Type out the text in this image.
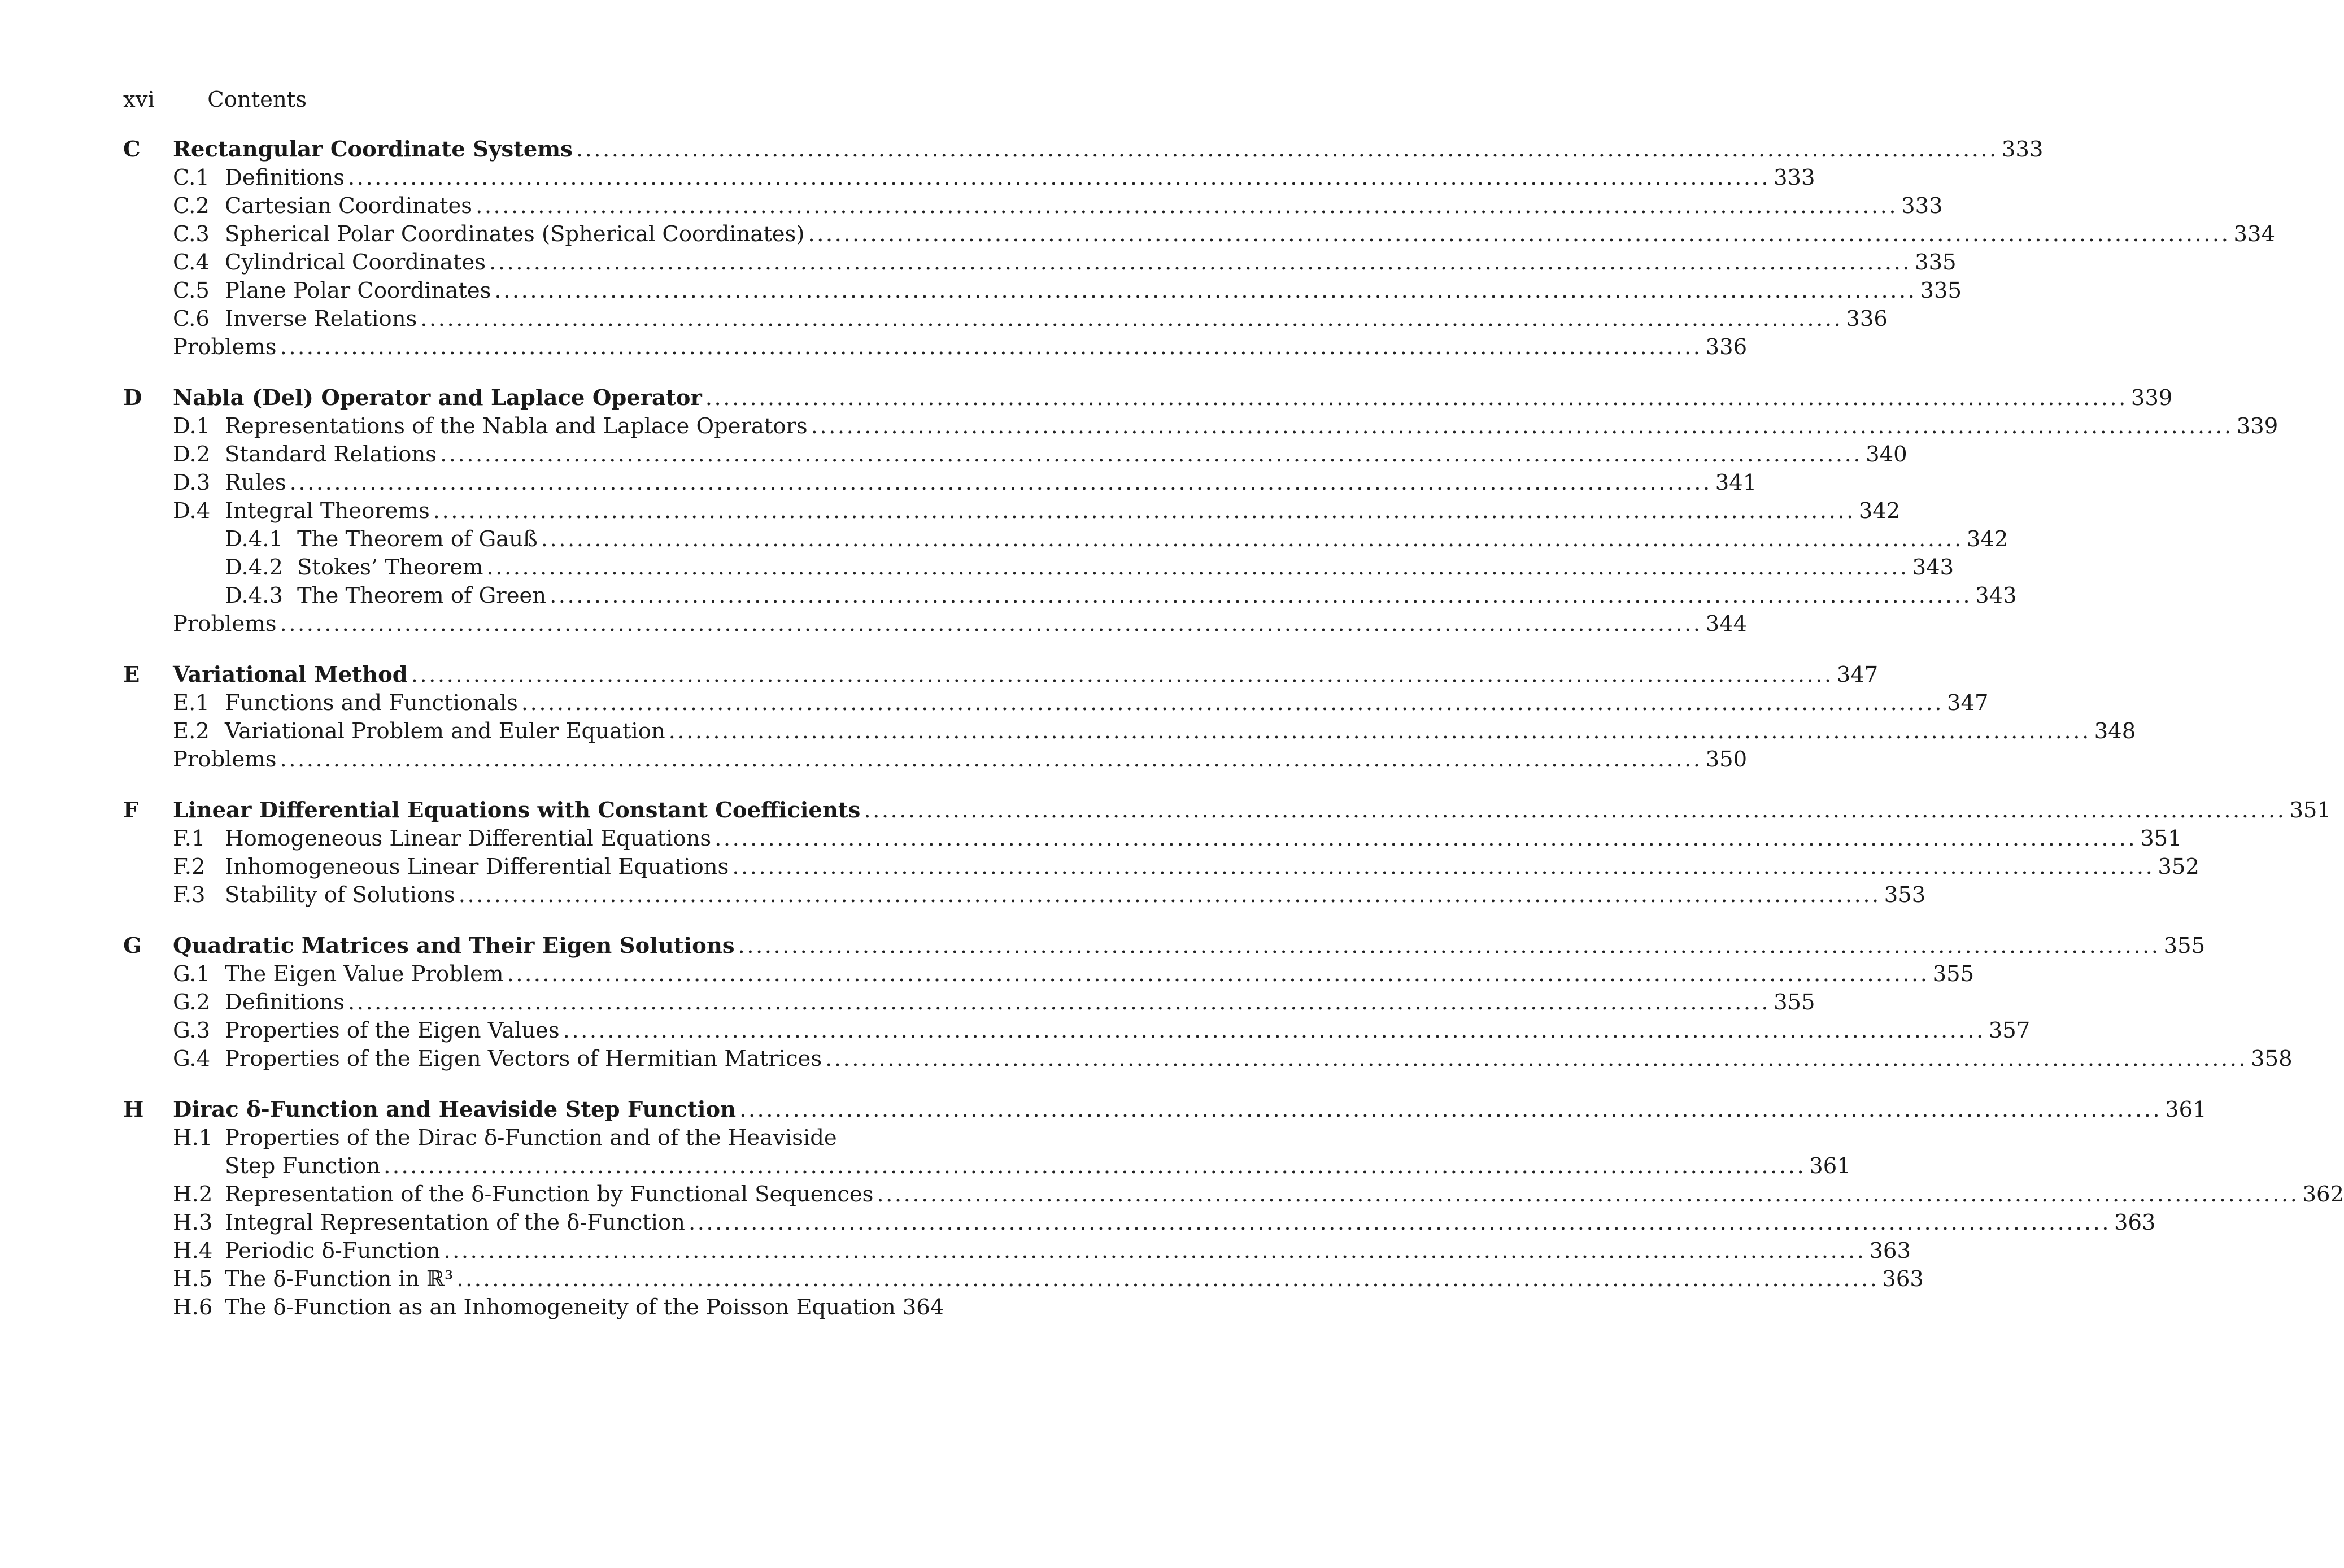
xvi Contents
C Rectangular Coordinate Systems ................................................................................................................................................................ 333
C.1 Definitions ................................................................................................................................................................ 333
C.2 Cartesian Coordinates ................................................................................................................................................................ 333
C.3 Spherical Polar Coordinates (Spherical Coordinates) ................................................................................................................................................................ 334
C.4 Cylindrical Coordinates ................................................................................................................................................................ 335
C.5 Plane Polar Coordinates ................................................................................................................................................................ 335
C.6 Inverse Relations ................................................................................................................................................................ 336
Problems ................................................................................................................................................................ 336
D Nabla (Del) Operator and Laplace Operator ................................................................................................................................................................ 339
D.1 Representations of the Nabla and Laplace Operators ................................................................................................................................................................ 339
D.2 Standard Relations ................................................................................................................................................................ 340
D.3 Rules ................................................................................................................................................................ 341
D.4 Integral Theorems ................................................................................................................................................................ 342
D.4.1 The Theorem of Gauß ................................................................................................................................................................ 342
D.4.2 Stokes’ Theorem ................................................................................................................................................................ 343
D.4.3 The Theorem of Green ................................................................................................................................................................ 343
Problems ................................................................................................................................................................ 344
E Variational Method ................................................................................................................................................................ 347
E.1 Functions and Functionals ................................................................................................................................................................ 347
E.2 Variational Problem and Euler Equation ................................................................................................................................................................ 348
Problems ................................................................................................................................................................ 350
F Linear Differential Equations with Constant Coefficients ................................................................................................................................................................ 351
F.1 Homogeneous Linear Differential Equations ................................................................................................................................................................ 351
F.2 Inhomogeneous Linear Differential Equations ................................................................................................................................................................ 352
F.3 Stability of Solutions ................................................................................................................................................................ 353
G Quadratic Matrices and Their Eigen Solutions ................................................................................................................................................................ 355
G.1 The Eigen Value Problem ................................................................................................................................................................ 355
G.2 Definitions ................................................................................................................................................................ 355
G.3 Properties of the Eigen Values ................................................................................................................................................................ 357
G.4 Properties of the Eigen Vectors of Hermitian Matrices ................................................................................................................................................................ 358
H Dirac δ-Function and Heaviside Step Function ................................................................................................................................................................ 361
H.1 Properties of the Dirac δ-Function and of the Heaviside
Step Function ................................................................................................................................................................ 361
H.2 Representation of the δ-Function by Functional Sequences ................................................................................................................................................................ 362
H.3 Integral Representation of the δ-Function ................................................................................................................................................................ 363
H.4 Periodic δ-Function ................................................................................................................................................................ 363
H.5 The δ-Function in ℝ³ ................................................................................................................................................................ 363
H.6 The δ-Function as an Inhomogeneity of the Poisson Equation 364
